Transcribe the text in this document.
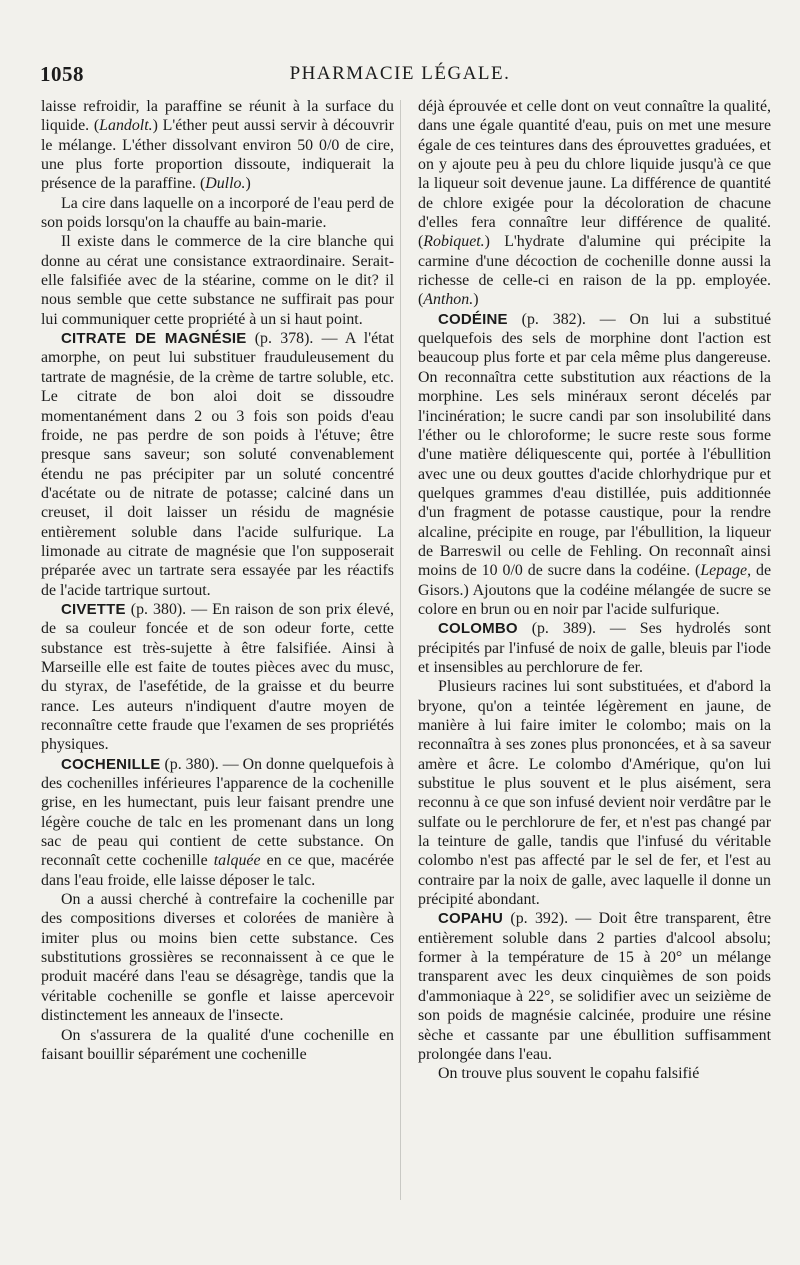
1058	PHARMACIE LÉGALE.

laisse refroidir, la paraffine se réunit à la surface du liquide. (Landolt.) L'éther peut aussi servir à découvrir le mélange. L'éther dissolvant environ 50 0/0 de cire, une plus forte proportion dissoute, indiquerait la présence de la paraffine. (Dullo.)

La cire dans laquelle on a incorporé de l'eau perd de son poids lorsqu'on la chauffe au bain-marie.

Il existe dans le commerce de la cire blanche qui donne au cérat une consistance extraordinaire. Serait-elle falsifiée avec de la stéarine, comme on le dit? il nous semble que cette substance ne suffirait pas pour lui communiquer cette propriété à un si haut point.

CITRATE DE MAGNÉSIE (p. 378). — A l'état amorphe, on peut lui substituer frauduleusement du tartrate de magnésie, de la crème de tartre soluble, etc. Le citrate de bon aloi doit se dissoudre momentanément dans 2 ou 3 fois son poids d'eau froide, ne pas perdre de son poids à l'étuve; être presque sans saveur; son soluté convenablement étendu ne pas précipiter par un soluté concentré d'acétate ou de nitrate de potasse; calciné dans un creuset, il doit laisser un résidu de magnésie entièrement soluble dans l'acide sulfurique. La limonade au citrate de magnésie que l'on supposerait préparée avec un tartrate sera essayée par les réactifs de l'acide tartrique surtout.

CIVETTE (p. 380). — En raison de son prix élevé, de sa couleur foncée et de son odeur forte, cette substance est très-sujette à être falsifiée. Ainsi à Marseille elle est faite de toutes pièces avec du musc, du styrax, de l'asefétide, de la graisse et du beurre rance. Les auteurs n'indiquent d'autre moyen de reconnaître cette fraude que l'examen de ses propriétés physiques.

COCHENILLE (p. 380). — On donne quelquefois à des cochenilles inférieures l'apparence de la cochenille grise, en les humectant, puis leur faisant prendre une légère couche de talc en les promenant dans un long sac de peau qui contient de cette substance. On reconnaît cette cochenille talquée en ce que, macérée dans l'eau froide, elle laisse déposer le talc.

On a aussi cherché à contrefaire la cochenille par des compositions diverses et colorées de manière à imiter plus ou moins bien cette substance. Ces substitutions grossières se reconnaissent à ce que le produit macéré dans l'eau se désagrège, tandis que la véritable cochenille se gonfle et laisse apercevoir distinctement les anneaux de l'insecte.

On s'assurera de la qualité d'une cochenille en faisant bouillir séparément une cochenille

déjà éprouvée et celle dont on veut connaître la qualité, dans une égale quantité d'eau, puis on met une mesure égale de ces teintures dans des éprouvettes graduées, et on y ajoute peu à peu du chlore liquide jusqu'à ce que la liqueur soit devenue jaune. La différence de quantité de chlore exigée pour la décoloration de chacune d'elles fera connaître leur différence de qualité. (Robiquet.) L'hydrate d'alumine qui précipite la carmine d'une décoction de cochenille donne aussi la richesse de celle-ci en raison de la pp. employée. (Anthon.)

CODÉINE (p. 382). — On lui a substitué quelquefois des sels de morphine dont l'action est beaucoup plus forte et par cela même plus dangereuse. On reconnaîtra cette substitution aux réactions de la morphine. Les sels minéraux seront décelés par l'incinération; le sucre candi par son insolubilité dans l'éther ou le chloroforme; le sucre reste sous forme d'une matière déliquescente qui, portée à l'ébullition avec une ou deux gouttes d'acide chlorhydrique pur et quelques grammes d'eau distillée, puis additionnée d'un fragment de potasse caustique, pour la rendre alcaline, précipite en rouge, par l'ébullition, la liqueur de Barreswil ou celle de Fehling. On reconnaît ainsi moins de 10 0/0 de sucre dans la codéine. (Lepage, de Gisors.) Ajoutons que la codéine mélangée de sucre se colore en brun ou en noir par l'acide sulfurique.

COLOMBO (p. 389). — Ses hydrolés sont précipités par l'infusé de noix de galle, bleuis par l'iode et insensibles au perchlorure de fer.

Plusieurs racines lui sont substituées, et d'abord la bryone, qu'on a teintée légèrement en jaune, de manière à lui faire imiter le colombo; mais on la reconnaîtra à ses zones plus prononcées, et à sa saveur amère et âcre. Le colombo d'Amérique, qu'on lui substitue le plus souvent et le plus aisément, sera reconnu à ce que son infusé devient noir verdâtre par le sulfate ou le perchlorure de fer, et n'est pas changé par la teinture de galle, tandis que l'infusé du véritable colombo n'est pas affecté par le sel de fer, et l'est au contraire par la noix de galle, avec laquelle il donne un précipité abondant.

COPAHU (p. 392). — Doit être transparent, être entièrement soluble dans 2 parties d'alcool absolu; former à la température de 15 à 20° un mélange transparent avec les deux cinquièmes de son poids d'ammoniaque à 22°, se solidifier avec un seizième de son poids de magnésie calcinée, produire une résine sèche et cassante par une ébullition suffisamment prolongée dans l'eau.

On trouve plus souvent le copahu falsifié
